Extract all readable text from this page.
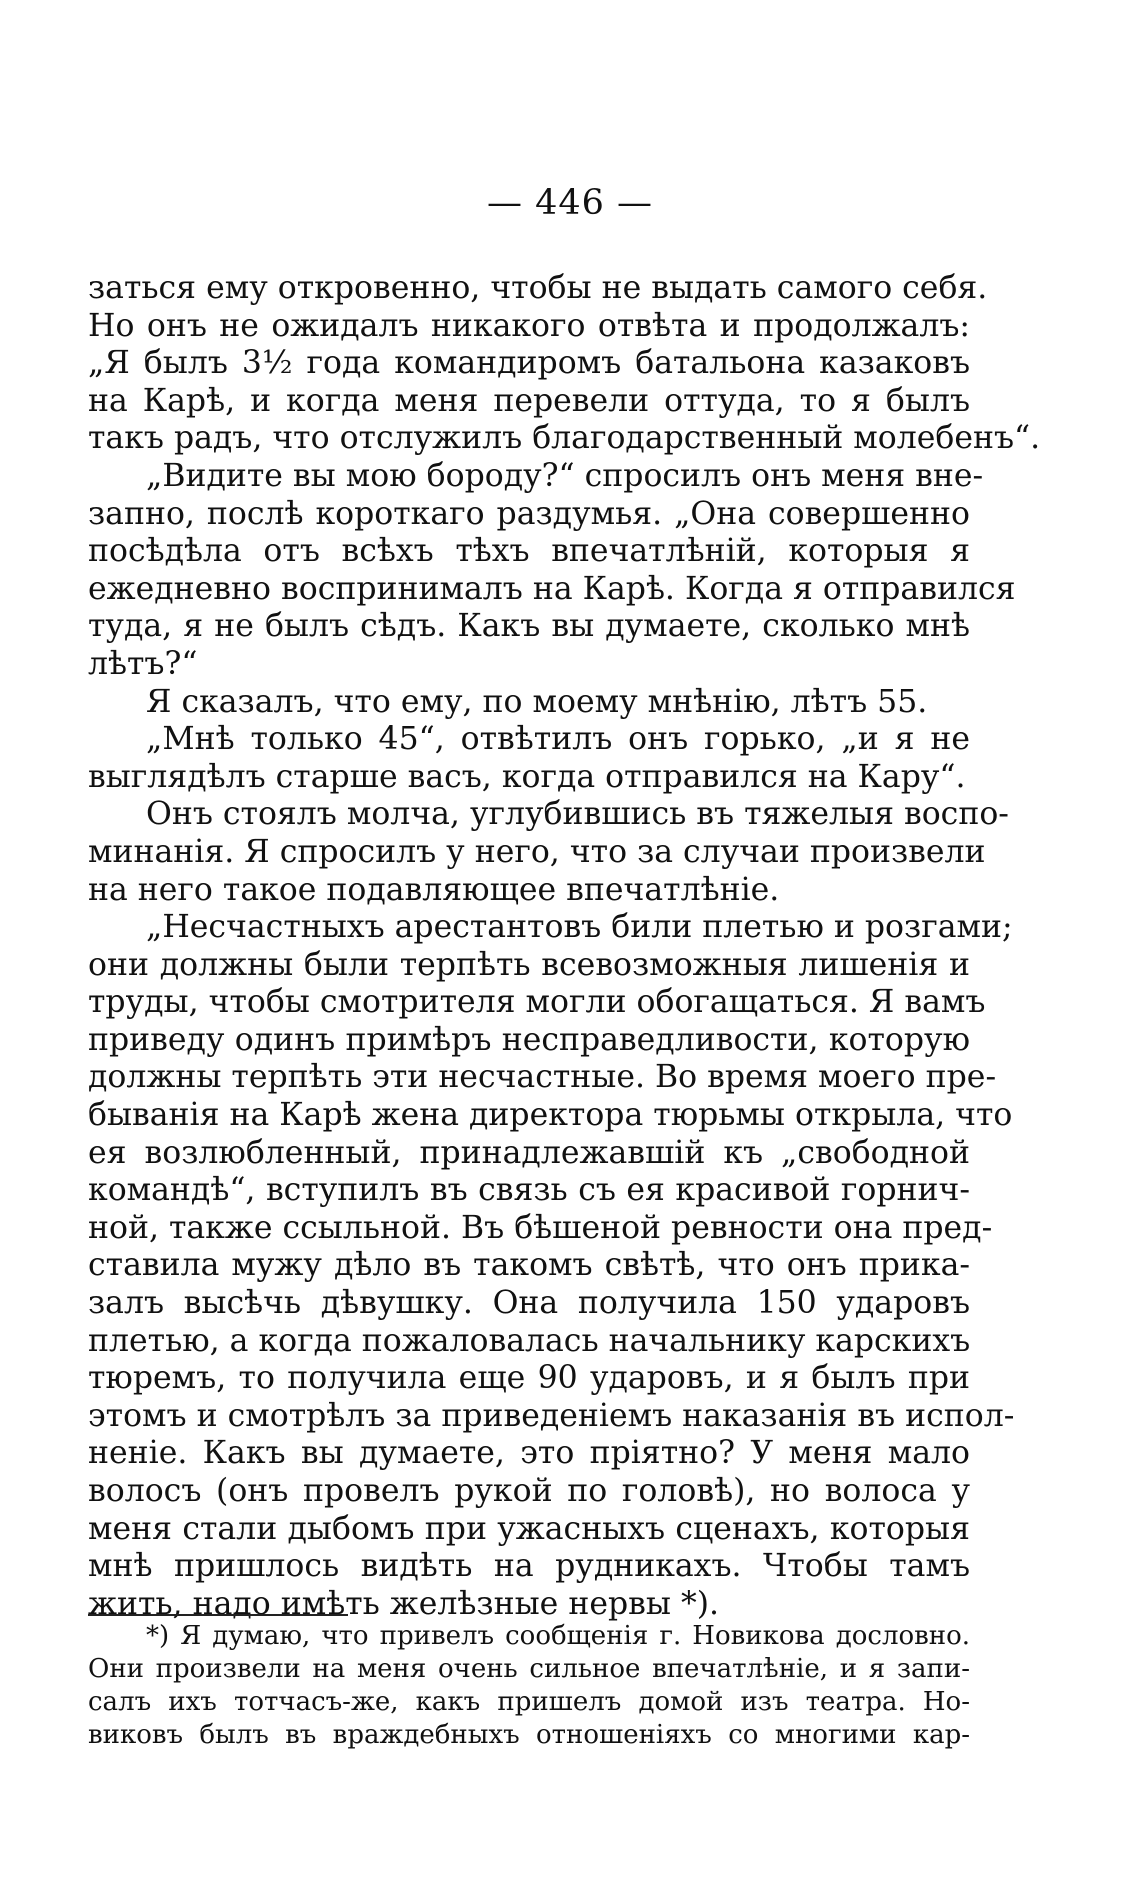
— 446 —
заться ему откровенно, чтобы не выдать самого себя.
Но онъ не ожидалъ никакого отвѣта и продолжалъ:
„Я былъ 3½ года командиромъ батальона казаковъ
на Карѣ, и когда меня перевели оттуда, то я былъ
такъ радъ, что отслужилъ благодарственный молебенъ“.
„Видите вы мою бороду?“ спросилъ онъ меня вне-
запно, послѣ короткаго раздумья. „Она совершенно
посѣдѣла отъ всѣхъ тѣхъ впечатлѣній, которыя я
ежедневно воспринималъ на Карѣ. Когда я отправился
туда, я не былъ сѣдъ. Какъ вы думаете, сколько мнѣ
лѣтъ?“
Я сказалъ, что ему, по моему мнѣнію, лѣтъ 55.
„Мнѣ только 45“, отвѣтилъ онъ горько, „и я не
выглядѣлъ старше васъ, когда отправился на Кару“.
Онъ стоялъ молча, углубившись въ тяжелыя воспо-
минанія. Я спросилъ у него, что за случаи произвели
на него такое подавляющее впечатлѣніе.
„Несчастныхъ арестантовъ били плетью и розгами;
они должны были терпѣть всевозможныя лишенія и
труды, чтобы смотрителя могли обогащаться. Я вамъ
приведу одинъ примѣръ несправедливости, которую
должны терпѣть эти несчастные. Во время моего пре-
быванія на Карѣ жена директора тюрьмы открыла, что
ея возлюбленный, принадлежавшій къ „свободной
командѣ“, вступилъ въ связь съ ея красивой горнич-
ной, также ссыльной. Въ бѣшеной ревности она пред-
ставила мужу дѣло въ такомъ свѣтѣ, что онъ прика-
залъ высѣчь дѣвушку. Она получила 150 ударовъ
плетью, а когда пожаловалась начальнику карскихъ
тюремъ, то получила еще 90 ударовъ, и я былъ при
этомъ и смотрѣлъ за приведеніемъ наказанія въ испол-
неніе. Какъ вы думаете, это пріятно? У меня мало
волосъ (онъ провелъ рукой по головѣ), но волоса у
меня стали дыбомъ при ужасныхъ сценахъ, которыя
мнѣ пришлось видѣть на рудникахъ. Чтобы тамъ
жить, надо имѣть желѣзные нервы *).
*) Я думаю, что привелъ сообщенія г. Новикова дословно.
Они произвели на меня очень сильное впечатлѣніе, и я запи-
салъ ихъ тотчасъ-же, какъ пришелъ домой изъ театра. Но-
виковъ былъ въ враждебныхъ отношеніяхъ со многими кар-
